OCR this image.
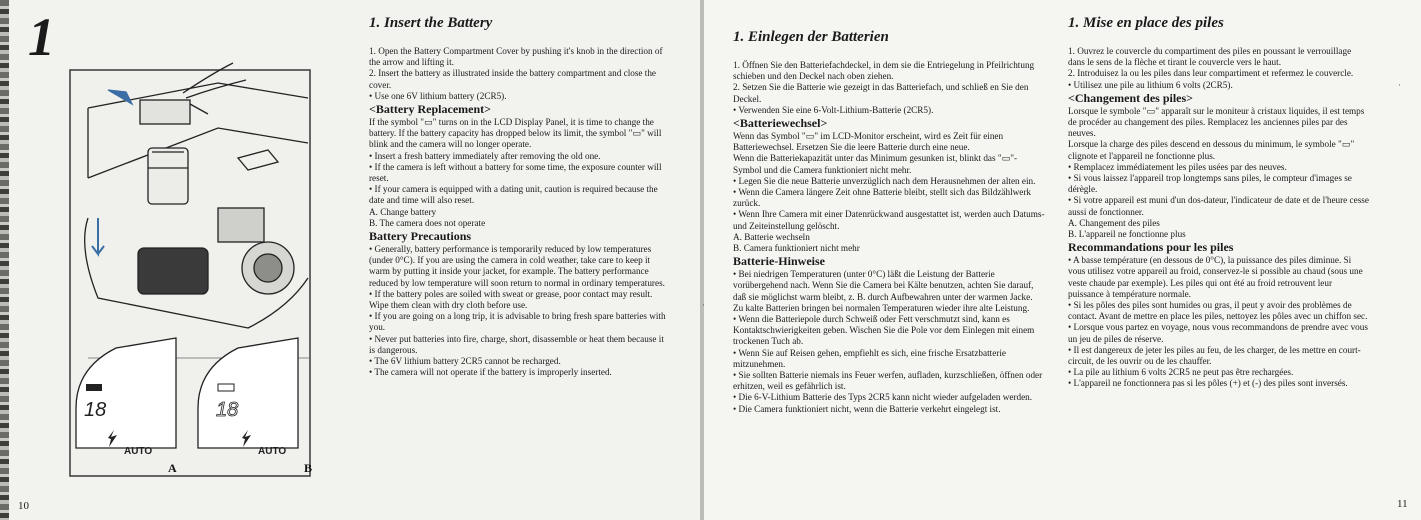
1
18
AUTO
18
AUTO
A	B
1. Insert the Battery

1. Open the Battery Compartment Cover by pushing it's knob in the direction of the arrow and lifting it.

2. Insert the battery as illustrated inside the battery compartment and close the cover.

• Use one 6V lithium battery (2CR5).

<Battery Replacement>

If the symbol "▭" turns on in the LCD Display Panel, it is time to change the battery. If the battery capacity has dropped below its limit, the symbol "▭" will blink and the camera will no longer operate.

• Insert a fresh battery immediately after removing the old one.

• If the camera is left without a battery for some time, the exposure counter will reset.

• If your camera is equipped with a dating unit, caution is required because the date and time will also reset.

A. Change battery

B. The camera does not operate

Battery Precautions

• Generally, battery performance is temporarily reduced by low temperatures (under 0°C). If you are using the camera in cold weather, take care to keep it warm by putting it inside your jacket, for example. The battery performance reduced by low temperature will soon return to normal in ordinary temperatures.

• If the battery poles are soiled with sweat or grease, poor contact may result. Wipe them clean with dry cloth before use.

• If you are going on a long trip, it is advisable to bring fresh spare batteries with you.

• Never put batteries into fire, charge, short, disassemble or heat them because it is dangerous.

• The 6V lithium battery 2CR5 cannot be recharged.

• The camera will not operate if the battery is improperly inserted.

10
·
·
1. Einlegen der Batterien

1. Öffnen Sie den Batteriefachdeckel, in dem sie die Entriegelung in Pfeilrichtung schieben und den Deckel nach oben ziehen.

2. Setzen Sie die Batterie wie gezeigt in das Batteriefach, und schließ en Sie den Deckel.

• Verwenden Sie eine 6-Volt-Lithium-Batterie (2CR5).

<Batteriewechsel>

Wenn das Symbol "▭" im LCD-Monitor erscheint, wird es Zeit für einen Batteriewechsel. Ersetzen Sie die leere Batterie durch eine neue.

Wenn die Batteriekapazität unter das Minimum gesunken ist, blinkt das "▭"-Symbol und die Camera funktioniert nicht mehr.

• Legen Sie die neue Batterie unverzüglich nach dem Herausnehmen der alten ein.

• Wenn die Camera längere Zeit ohne Batterie bleibt, stellt sich das Bildzählwerk zurück.

• Wenn Ihre Camera mit einer Datenrückwand ausgestattet ist, werden auch Datums-und Zeiteinstellung gelöscht.

A. Batterie wechseln

B. Camera funktioniert nicht mehr

Batterie-Hinweise

• Bei niedrigen Temperaturen (unter 0°C) läßt die Leistung der Batterie vorübergehend nach. Wenn Sie die Camera bei Kälte benutzen, achten Sie darauf, daß sie möglichst warm bleibt, z. B. durch Aufbewahren unter der warmen Jacke. Zu kalte Batterien bringen bei normalen Temperaturen wieder ihre alte Leistung.

• Wenn die Batteriepole durch Schweiß oder Fett verschmutzt sind, kann es Kontaktschwierigkeiten geben. Wischen Sie die Pole vor dem Einlegen mit einem trockenen Tuch ab.

• Wenn Sie auf Reisen gehen, empfiehlt es sich, eine frische Ersatzbatterie mitzunehmen.

• Sie sollten Batterie niemals ins Feuer werfen, aufladen, kurzschließen, öffnen oder erhitzen, weil es gefährlich ist.

• Die 6-V-Lithium Batterie des Typs 2CR5 kann nicht wieder aufgeladen werden.

• Die Camera funktioniert nicht, wenn die Batterie verkehrt eingelegt ist.

1. Mise en place des piles

1. Ouvrez le couvercle du compartiment des piles en poussant le verrouillage dans le sens de la flèche et tirant le couvercle vers le haut.

2. Introduisez la ou les piles dans leur compartiment et refermez le couvercle.

• Utilisez une pile au lithium 6 volts (2CR5).

<Changement des piles>

Lorsque le symbole "▭" apparaît sur le moniteur à cristaux liquides, il est temps de procéder au changement des piles. Remplacez les anciennes piles par des neuves.

Lorsque la charge des piles descend en dessous du minimum, le symbole "▭" clignote et l'appareil ne fonctionne plus.

• Remplacez immédiatement les piles usées par des neuves.

• Si vous laissez l'appareil trop longtemps sans piles, le compteur d'images se dérègle.

• Si votre appareil est muni d'un dos-dateur, l'indicateur de date et de l'heure cesse aussi de fonctionner.

A. Changement des piles

B. L'appareil ne fonctionne plus

Recommandations pour les piles

• A basse température (en dessous de 0°C), la puissance des piles diminue. Si vous utilisez votre appareil au froid, conservez-le si possible au chaud (sous une veste chaude par exemple). Les piles qui ont été au froid retrouvent leur puissance à température normale.

• Si les pôles des piles sont humides ou gras, il peut y avoir des problèmes de contact. Avant de mettre en place les piles, nettoyez les pôles avec un chiffon sec.

• Lorsque vous partez en voyage, nous vous recommandons de prendre avec vous un jeu de piles de réserve.

• Il est dangereux de jeter les piles au feu, de les charger, de les mettre en court-circuit, de les ouvrir ou de les chauffer.

• La pile au lithium 6 volts 2CR5 ne peut pas être rechargées.

• L'appareil ne fonctionnera pas si les pôles (+) et (-) des piles sont inversés.

11
